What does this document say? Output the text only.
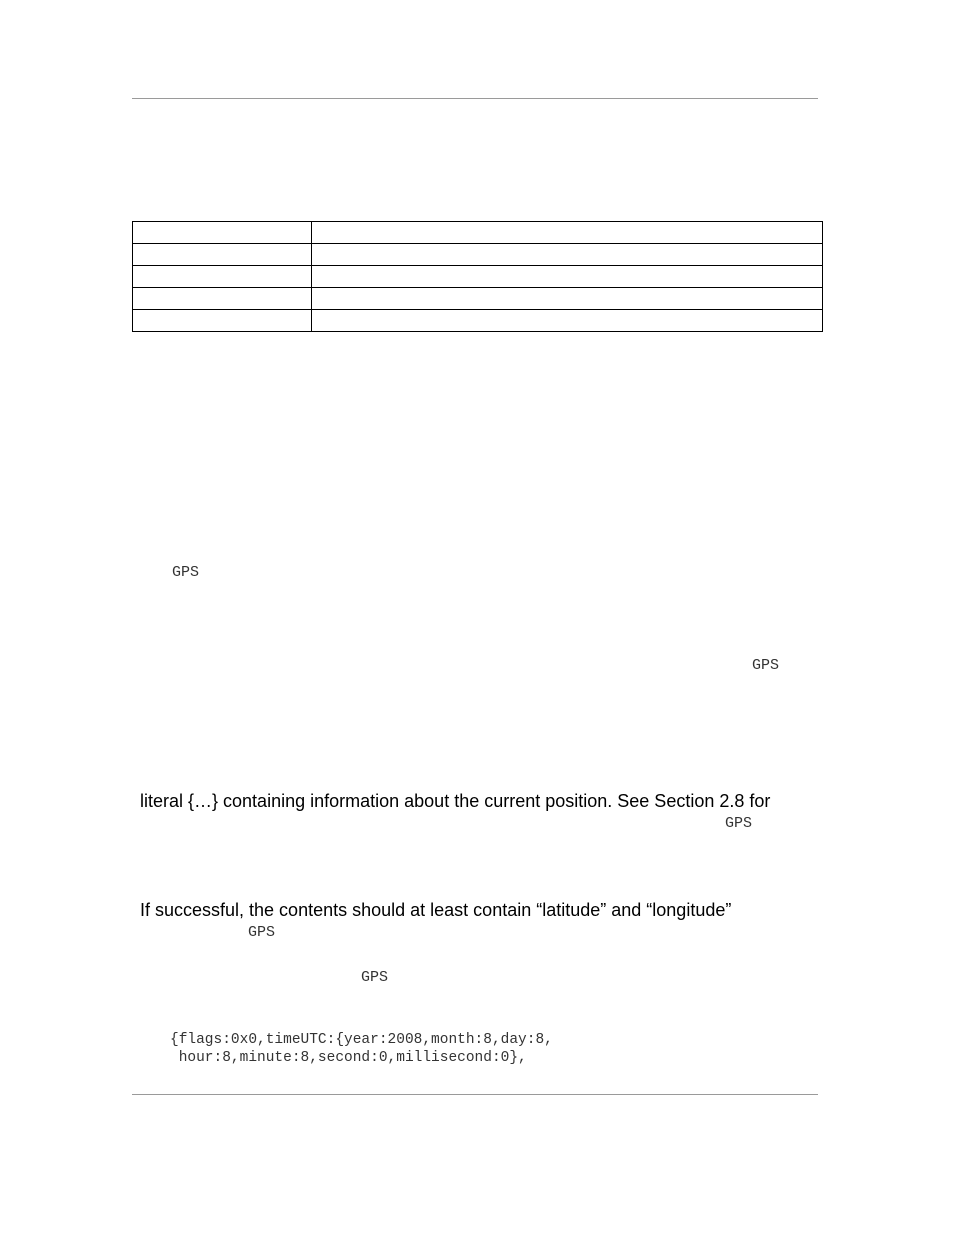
GPS
GPS

literal {…} containing information about the current position. See Section 2.8 for

GPS

If successful, the contents should at least contain “latitude” and “longitude”

GPS
GPS
{flags:0x0,timeUTC:{year:2008,month:8,day:8,
hour:8,minute:8,second:0,millisecond:0},
